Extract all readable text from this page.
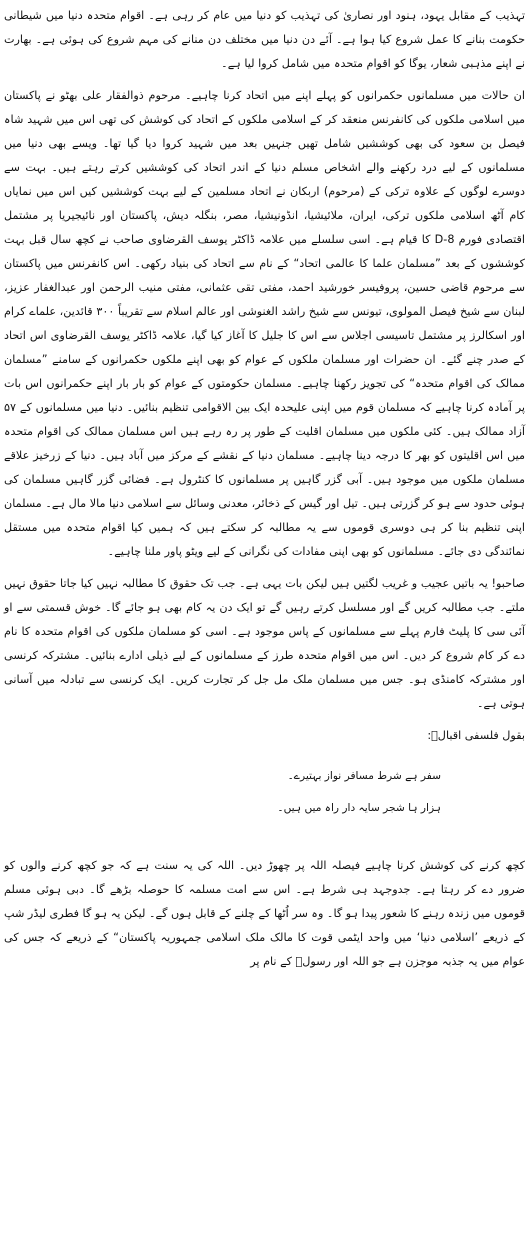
تہذیب کے مقابل یہود، ہنود اور نصاریٰ کی تہذیب کو دنیا میں عام کر رہی ہے۔ اقوام متحدہ دنیا میں شیطانی حکومت بنانے کا عمل شروع کیا ہوا ہے۔ آئے دن دنیا میں مختلف دن منانے کی مہم شروع کی ہوئی ہے۔ بھارت نے اپنے مذہبی شعار، یوگا کو اقوام متحدہ میں شامل کروا لیا ہے۔

ان حالات میں مسلمانوں حکمرانوں کو پہلے اپنے میں اتحاد کرنا چاہیے۔ مرحوم ذوالفقار علی بھٹو نے پاکستان میں اسلامی ملکوں کی کانفرنس منعقد کر کے اسلامی ملکوں کے اتحاد کی کوشش کی تھی اس میں شہید شاہ فیصل بن سعود کی بھی کوششیں شامل تھیں جنہیں بعد میں شہید کروا دیا گیا تھا۔ ویسے بھی دنیا میں مسلمانوں کے لیے درد رکھنے والے اشخاص مسلم دنیا کے اندر اتحاد کی کوششیں کرتے رہتے ہیں۔ بہت سے دوسرے لوگوں کے علاوہ ترکی کے (مرحوم) اربکان نے اتحاد مسلمین کے لیے بہت کوششیں کیں اس میں نمایاں کام آٹھ اسلامی ملکوں ترکی، ایران، ملائیشیا، انڈونیشیا، مصر، بنگلہ دیش، پاکستان اور نائیجیریا پر مشتمل اقتصادی فورم D-8 کا قیام ہے۔ اسی سلسلے میں علامہ ڈاکٹر یوسف القرضاوی صاحب نے کچھ سال قبل بہت کوششوں کے بعد ”مسلمان علما کا عالمی اتحاد“ کے نام سے اتحاد کی بنیاد رکھی۔ اس کانفرنس میں پاکستان سے مرحوم قاضی حسین، پروفیسر خورشید احمد، مفتی تقی عثمانی، مفتی منیب الرحمن اور عبدالغفار عزیز، لبنان سے شیخ فیصل المولوی، تیونس سے شیخ راشد الغنوشی اور عالم اسلام سے تقریباً ۳۰۰ قائدین، علماے کرام اور اسکالرز پر مشتمل تاسیسی اجلاس سے اس کا جلیل کا آغاز کیا گیا، علامہ ڈاکٹر یوسف القرضاوی اس اتحاد کے صدر چنے گئے۔ ان حضرات اور مسلمان ملکوں کے عوام کو بھی اپنے ملکوں حکمرانوں کے سامنے ”مسلمان ممالک کی اقوام متحدہ“ کی تجویز رکھنا چاہیے۔ مسلمان حکومتوں کے عوام کو بار بار اپنے حکمرانوں اس بات پر آمادہ کرنا چاہیے کہ مسلمان قوم میں اپنی علیحدہ ایک بین الاقوامی تنظیم بنائیں۔ دنیا میں مسلمانوں کے ۵۷ آزاد ممالک ہیں۔ کئی ملکوں میں مسلمان اقلیت کے طور پر رہ رہے ہیں اس مسلمان ممالک کی اقوام متحدہ میں اس اقلیتوں کو بھر کا درجہ دینا چاہیے۔ مسلمان دنیا کے نقشے کے مرکز میں آباد ہیں۔ دنیا کے زرخیز علاقے مسلمان ملکوں میں موجود ہیں۔ آبی گزر گاہیں پر مسلمانوں کا کنٹرول ہے۔ فضائی گزر گاہیں مسلمان کی ہوئی حدود سے ہو کر گزرتی ہیں۔ تیل اور گیس کے ذخائر، معدنی وسائل سے اسلامی دنیا مالا مال ہے۔ مسلمان اپنی تنظیم بنا کر ہی دوسری قوموں سے یہ مطالبہ کر سکتے ہیں کہ ہمیں کیا اقوام متحدہ میں مستقل نمائندگی دی جائے۔ مسلمانوں کو بھی اپنی مفادات کی نگرانی کے لیے ویٹو پاور ملنا چاہیے۔

صاحبو! یہ باتیں عجیب و غریب لگتیں ہیں لیکن بات یہی ہے۔ جب تک حقوق کا مطالبہ نہیں کیا جاتا حقوق نہیں ملتے۔ جب مطالبہ کریں گے اور مسلسل کرتے رہیں گے تو ایک دن یہ کام بھی ہو جائے گا۔ خوش قسمتی سے او آئی سی کا پلیٹ فارم پہلے سے مسلمانوں کے پاس موجود ہے۔ اسی کو مسلمان ملکوں کی اقوام متحدہ کا نام دے کر کام شروع کر دیں۔ اس میں اقوام متحدہ طرز کے مسلمانوں کے لیے ذیلی ادارے بنائیں۔ مشترکہ کرنسی اور مشترکہ کامنڈی ہو۔ جس میں مسلمان ملک مل جل کر تجارت کریں۔ ایک کرنسی سے تبادلہ میں آسانی ہوتی ہے۔

بقول فلسفی اقبالؒ:

سفر ہے شرط مسافر نواز بہتیرے۔
ہزار ہا شجر سایہ دار راہ میں ہیں۔

کچھ کرنے کی کوشش کرنا چاہیے فیصلہ اللہ پر چھوڑ دیں۔ اللہ کی یہ سنت ہے کہ جو کچھ کرنے والوں کو ضرور دے کر رہتا ہے۔ جدوجہد ہی شرط ہے۔ اس سے امت مسلمہ کا حوصلہ بڑھے گا۔ دبی ہوئی مسلم قوموں میں زندہ رہنے کا شعور پیدا ہو گا۔ وہ سر اُٹھا کے چلنے کے قابل ہوں گے۔ لیکن یہ ہو گا فطری لیڈر شپ کے ذریعے ’اسلامی دنیا‘ میں واحد ایٹمی قوت کا مالک ملک اسلامی جمہوریہ پاکستان“ کے ذریعے کہ جس کی عوام میں یہ جذبہ موجزن ہے جو اللہ اور رسولؐ کے نام پر
